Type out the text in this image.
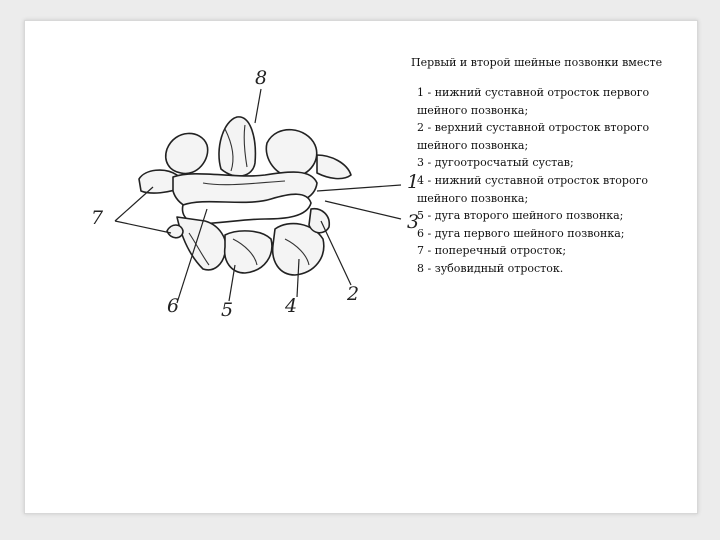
8
1
3
2
4
5
6
7
Первый и второй шейные позвонки вместе
1 - нижний суставной отросток первого шейного позвонка;
2 - верхний суставной отросток второго шейного позвонка;
3 - дугоотросчатый сустав;
4 - нижний суставной отросток второго шейного позвонка;
5 - дуга второго шейного позвонка;
6 - дуга первого шейного позвонка;
7 - поперечный отросток;
8 - зубовидный отросток.
